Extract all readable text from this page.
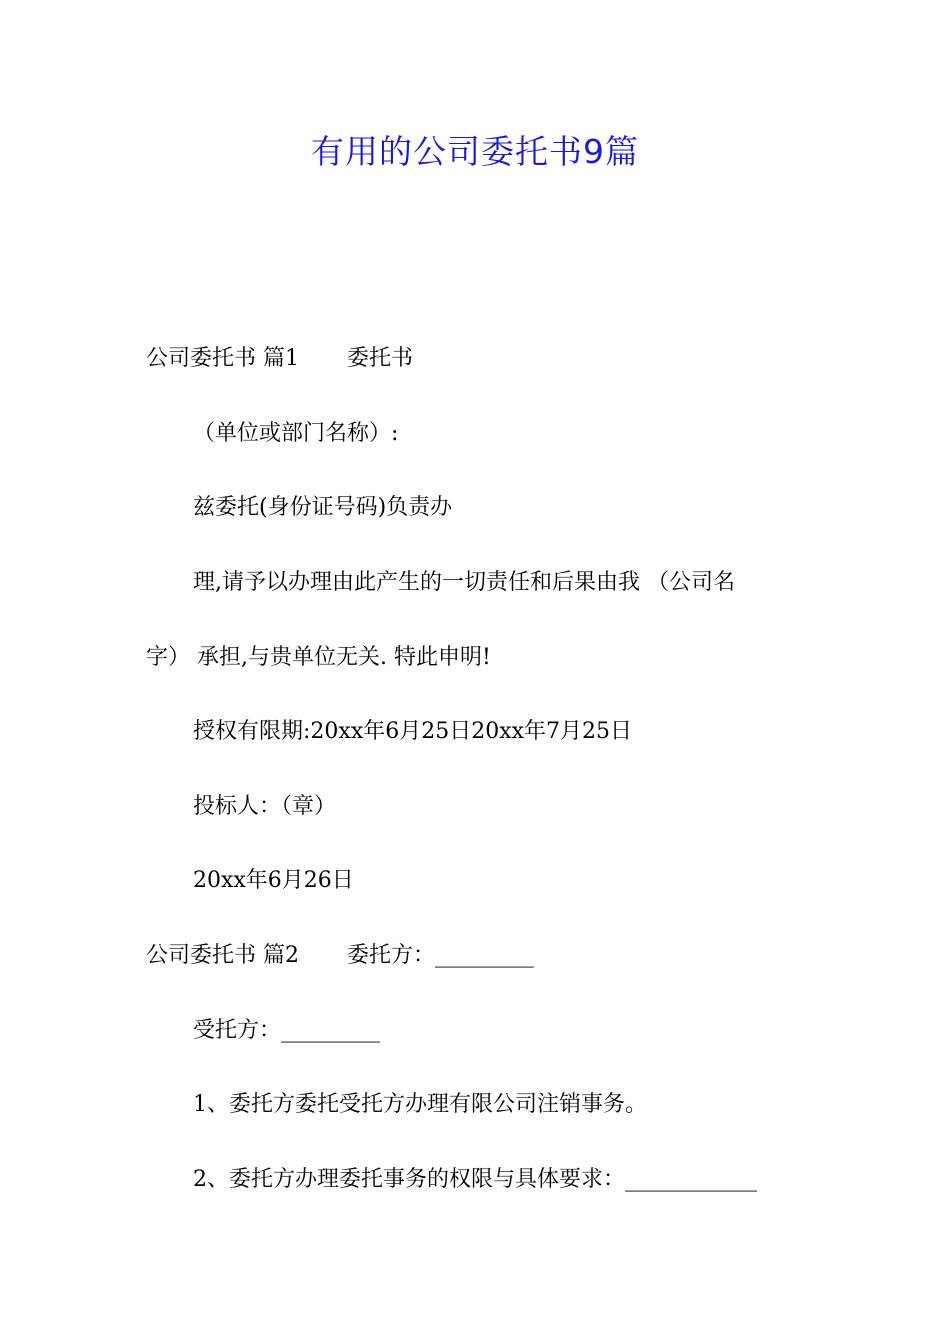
有用的公司委托书9篇
公司委托书 篇1 委托书
（单位或部门名称）:
兹委托(身份证号码)负责办
理,请予以办理由此产生的一切责任和后果由我 （公司名
字） 承担,与贵单位无关. 特此申明!
授权有限期:20xx年6月25日20xx年7月25日
投标人：（章）
20xx年6月26日
公司委托书 篇2 委托方：_________
受托方：_________
1、委托方委托受托方办理有限公司注销事务。
2、委托方办理委托事务的权限与具体要求：____________
